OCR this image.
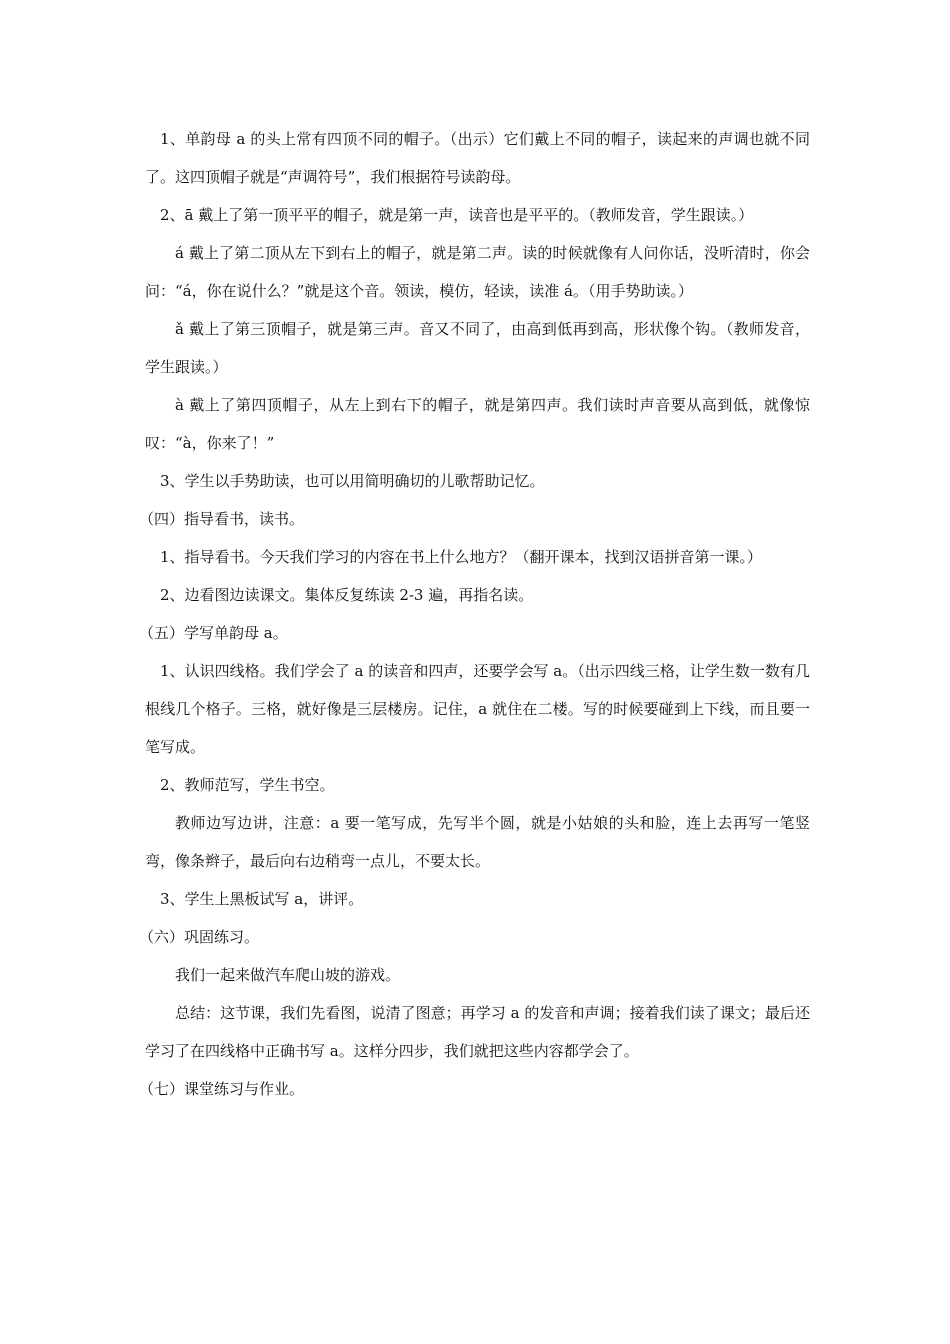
1、单韵母 a 的头上常有四顶不同的帽子。（出示）它们戴上不同的帽子，读起来的声调也就不同了。这四顶帽子就是“声调符号”，我们根据符号读韵母。

2、ā 戴上了第一顶平平的帽子，就是第一声，读音也是平平的。（教师发音，学生跟读。）

á 戴上了第二顶从左下到右上的帽子，就是第二声。读的时候就像有人问你话，没听清时，你会问：“á，你在说什么？”就是这个音。领读，模仿，轻读，读准 á。（用手势助读。）

ǎ 戴上了第三顶帽子，就是第三声。音又不同了，由高到低再到高，形状像个钩。（教师发音，学生跟读。）

à 戴上了第四顶帽子，从左上到右下的帽子，就是第四声。我们读时声音要从高到低，就像惊叹：“à，你来了！”

3、学生以手势助读，也可以用简明确切的儿歌帮助记忆。

（四）指导看书，读书。

1、指导看书。今天我们学习的内容在书上什么地方？（翻开课本，找到汉语拼音第一课。）

2、边看图边读课文。集体反复练读 2-3 遍，再指名读。

（五）学写单韵母 a。

1、认识四线格。我们学会了 a 的读音和四声，还要学会写 a。（出示四线三格，让学生数一数有几根线几个格子。三格，就好像是三层楼房。记住，a 就住在二楼。写的时候要碰到上下线，而且要一笔写成。

2、教师范写，学生书空。

教师边写边讲，注意：a 要一笔写成，先写半个圆，就是小姑娘的头和脸，连上去再写一笔竖弯，像条辫子，最后向右边稍弯一点儿，不要太长。

3、学生上黑板试写 a，讲评。

（六）巩固练习。

我们一起来做汽车爬山坡的游戏。

总结：这节课，我们先看图，说清了图意；再学习 a 的发音和声调；接着我们读了课文；最后还学习了在四线格中正确书写 a。这样分四步，我们就把这些内容都学会了。

（七）课堂练习与作业。
